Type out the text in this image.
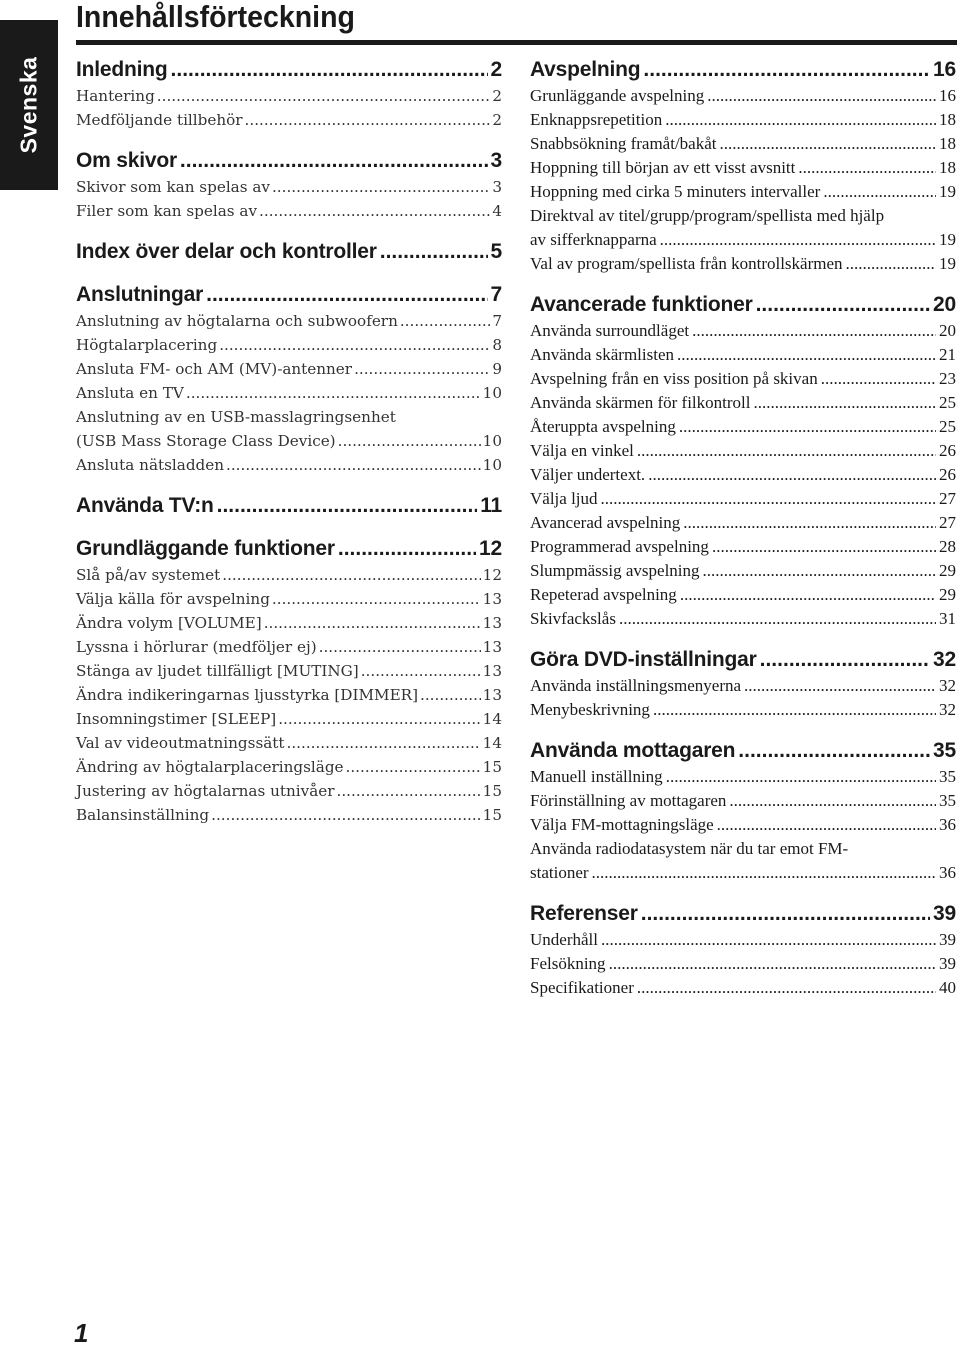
Svenska
Innehållsförteckning
Inledning .....	2
Hantering .....	2
Medföljande tillbehör .....	2
Om skivor .....	3
Skivor som kan spelas av .....	3
Filer som kan spelas av .....	4
Index över delar och kontroller .....	5
Anslutningar .....	7
Anslutning av högtalarna och subwoofern .....	7
Högtalarplacering .....	8
Ansluta FM- och AM (MV)-antenner .....	9
Ansluta en TV .....	10
Anslutning av en USB-masslagringsenhet
(USB Mass Storage Class Device) .....	10
Ansluta nätsladden .....	10
Använda TV:n .....	11
Grundläggande funktioner .....	12
Slå på/av systemet .....	12
Välja källa för avspelning .....	13
Ändra volym [VOLUME] .....	13
Lyssna i hörlurar (medföljer ej) .....	13
Stänga av ljudet tillfälligt [MUTING] .....	13
Ändra indikeringarnas ljusstyrka [DIMMER] .....	13
Insomningstimer [SLEEP] .....	14
Val av videoutmatningssätt .....	14
Ändring av högtalarplaceringsläge .....	15
Justering av högtalarnas utnivåer .....	15
Balansinställning .....	15
Avspelning .....	16
Grunläggande avspelning .....	16
Enknappsrepetition .....	18
Snabbsökning framåt/bakåt .....	18
Hoppning till början av ett visst avsnitt .....	18
Hoppning med cirka 5 minuters intervaller .....	19
Direktval av titel/grupp/program/spellista med hjälp
av sifferknapparna .....	19
Val av program/spellista från kontrollskärmen .....	19
Avancerade funktioner .....	20
Använda surroundläget .....	20
Använda skärmlisten .....	21
Avspelning från en viss position på skivan .....	23
Använda skärmen för filkontroll .....	25
Återuppta avspelning .....	25
Välja en vinkel .....	26
Väljer undertext. .....	26
Välja ljud .....	27
Avancerad avspelning .....	27
Programmerad avspelning .....	28
Slumpmässig avspelning .....	29
Repeterad avspelning .....	29
Skivfackslås .....	31
Göra DVD-inställningar .....	32
Använda inställningsmenyerna .....	32
Menybeskrivning .....	32
Använda mottagaren .....	35
Manuell inställning .....	35
Förinställning av mottagaren .....	35
Välja FM-mottagningsläge .....	36
Använda radiodatasystem när du tar emot FM-
stationer .....	36
Referenser .....	39
Underhåll .....	39
Felsökning .....	39
Specifikationer .....	40
1
